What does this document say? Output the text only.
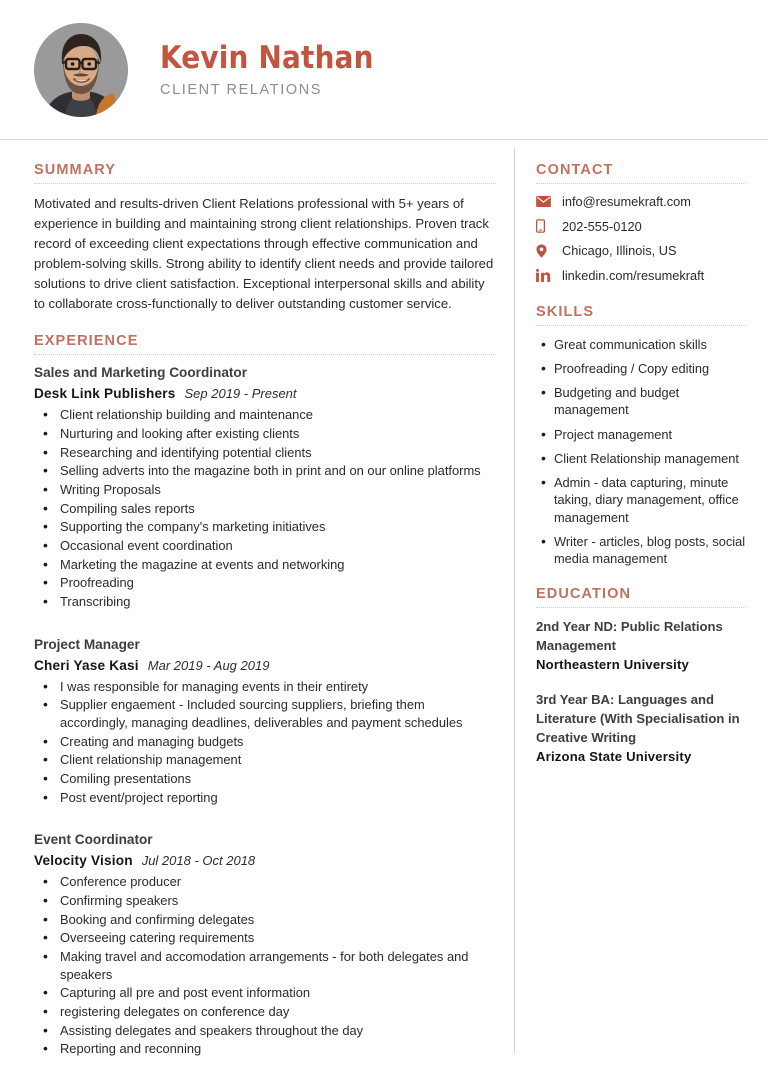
Kevin Nathan
CLIENT RELATIONS
SUMMARY
Motivated and results-driven Client Relations professional with 5+ years of experience in building and maintaining strong client relationships. Proven track record of exceeding client expectations through effective communication and problem-solving skills. Strong ability to identify client needs and provide tailored solutions to drive client satisfaction. Exceptional interpersonal skills and ability to collaborate cross-functionally to deliver outstanding customer service.
EXPERIENCE
Sales and Marketing Coordinator
Desk Link Publishers Sep 2019 - Present
• Client relationship building and maintenance
• Nurturing and looking after existing clients
• Researching and identifying potential clients
• Selling adverts into the magazine both in print and on our online platforms
• Writing Proposals
• Compiling sales reports
• Supporting the company's marketing initiatives
• Occasional event coordination
• Marketing the magazine at events and networking
• Proofreading
• Transcribing
Project Manager
Cheri Yase Kasi Mar 2019 - Aug 2019
• I was responsible for managing events in their entirety
• Supplier engaement - Included sourcing suppliers, briefing them accordingly, managing deadlines, deliverables and payment schedules
• Creating and managing budgets
• Client relationship management
• Comiling presentations
• Post event/project reporting
Event Coordinator
Velocity Vision Jul 2018 - Oct 2018
• Conference producer
• Confirming speakers
• Booking and confirming delegates
• Overseeing catering requirements
• Making travel and accomodation arrangements - for both delegates and speakers
• Capturing all pre and post event information
• registering delegates on conference day
• Assisting delegates and speakers throughout the day
• Reporting and reconning
CONTACT
info@resumekraft.com
202-555-0120
Chicago, Illinois, US
linkedin.com/resumekraft
SKILLS
• Great communication skills
• Proofreading / Copy editing
• Budgeting and budget management
• Project management
• Client Relationship management
• Admin - data capturing, minute taking, diary management, office management
• Writer - articles, blog posts, social media management
EDUCATION
2nd Year ND: Public Relations Management
Northeastern University
3rd Year BA: Languages and Literature (With Specialisation in Creative Writing
Arizona State University
